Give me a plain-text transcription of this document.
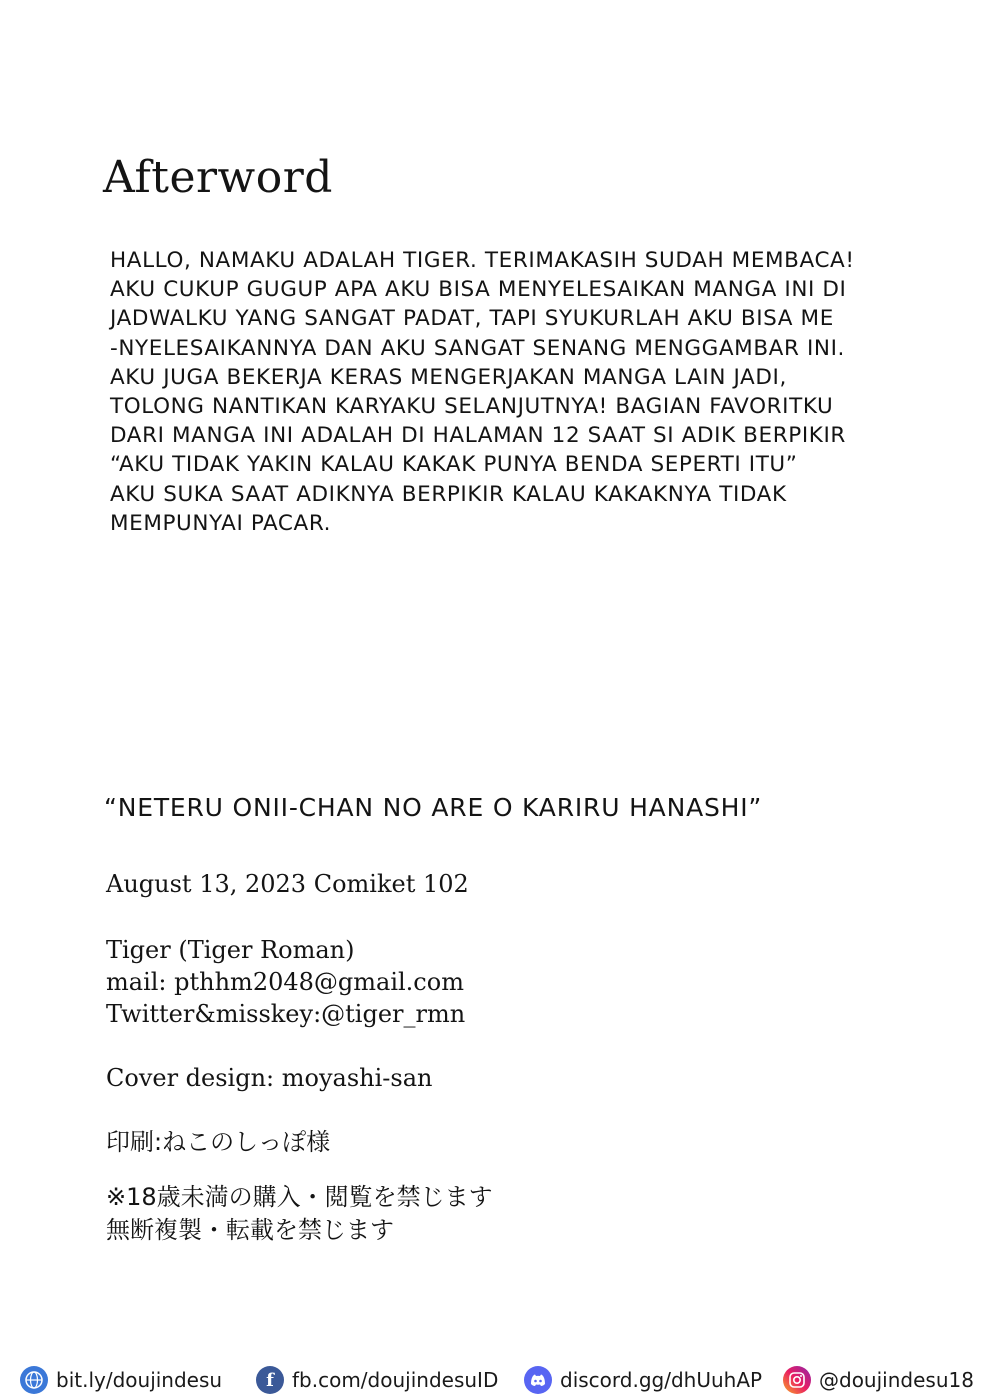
Afterword
HALLO, NAMAKU ADALAH TIGER. TERIMAKASIH SUDAH MEMBACA!
AKU CUKUP GUGUP APA AKU BISA MENYELESAIKAN MANGA INI DI
JADWALKU YANG SANGAT PADAT, TAPI SYUKURLAH AKU BISA ME
-NYELESAIKANNYA DAN AKU SANGAT SENANG MENGGAMBAR INI.
AKU JUGA BEKERJA KERAS MENGERJAKAN MANGA LAIN JADI,
TOLONG NANTIKAN KARYAKU SELANJUTNYA! BAGIAN FAVORITKU
DARI MANGA INI ADALAH DI HALAMAN 12 SAAT SI ADIK BERPIKIR
“AKU TIDAK YAKIN KALAU KAKAK PUNYA BENDA SEPERTI ITU”
AKU SUKA SAAT ADIKNYA BERPIKIR KALAU KAKAKNYA TIDAK
MEMPUNYAI PACAR.
“NETERU ONII-CHAN NO ARE O KARIRU HANASHI”
August 13, 2023 Comiket 102
Tiger (Tiger Roman)
mail: pthhm2048@gmail.com
Twitter&misskey:@tiger_rmn
Cover design: moyashi-san
印刷:ねこのしっぽ様
※18歳未満の購入・閲覧を禁じます
無断複製・転載を禁じます
bit.ly/doujindesu	f fb.com/doujindesuID	discord.gg/dhUuhAP	@doujindesu18
